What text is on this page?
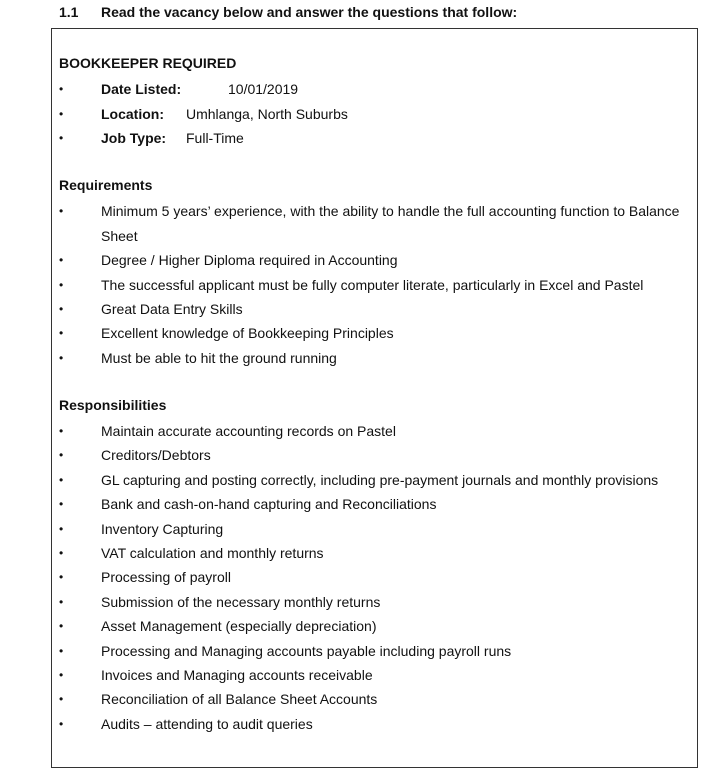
1.1 Read the vacancy below and answer the questions that follow:
BOOKKEEPER REQUIRED
•	Date Listed:	10/01/2019
•	Location: Umhlanga, North Suburbs
•	Job Type: Full-Time
Requirements
•	Minimum 5 years’ experience, with the ability to handle the full accounting function to Balance Sheet
•	Degree / Higher Diploma required in Accounting
•	The successful applicant must be fully computer literate, particularly in Excel and Pastel
•	Great Data Entry Skills
•	Excellent knowledge of Bookkeeping Principles
•	Must be able to hit the ground running
Responsibilities
•	Maintain accurate accounting records on Pastel
•	Creditors/Debtors
•	GL capturing and posting correctly, including pre-payment journals and monthly provisions
•	Bank and cash-on-hand capturing and Reconciliations
•	Inventory Capturing
•	VAT calculation and monthly returns
•	Processing of payroll
•	Submission of the necessary monthly returns
•	Asset Management (especially depreciation)
•	Processing and Managing accounts payable including payroll runs
•	Invoices and Managing accounts receivable
•	Reconciliation of all Balance Sheet Accounts
•	Audits – attending to audit queries
